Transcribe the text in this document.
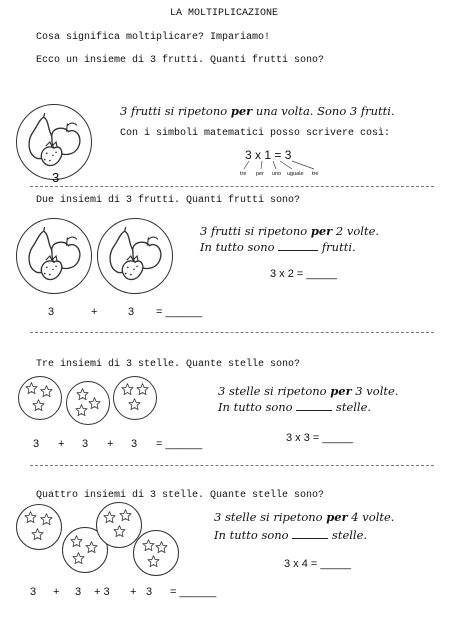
LA MOLTIPLICAZIONE
Cosa significa moltiplicare? Impariamo!
Ecco un insieme di 3 frutti. Quanti frutti sono?
3
3 frutti si ripetono per una volta. Sono 3 frutti.
Con i simboli matematici posso scrivere così:
3 x 1 = 3
tre per uno uguale tre
Due insiemi di 3 frutti. Quanti frutti sono?
3 frutti si ripetono per 2 volte.
In tutto sono	frutti.
3 x 2 = _____
3	+	3 = ______
Tre insiemi di 3 stelle. Quante stelle sono?
3 stelle si ripetono per 3 volte.
In tutto sono	stelle.
3 x 3 = _____
3 + 3 + 3 = ______
Quattro insiemi di 3 stelle. Quante stelle sono?
3 stelle si ripetono per 4 volte.
In tutto sono	stelle.
3 x 4 = _____
3 + 3 + 3 + 3 = ______
